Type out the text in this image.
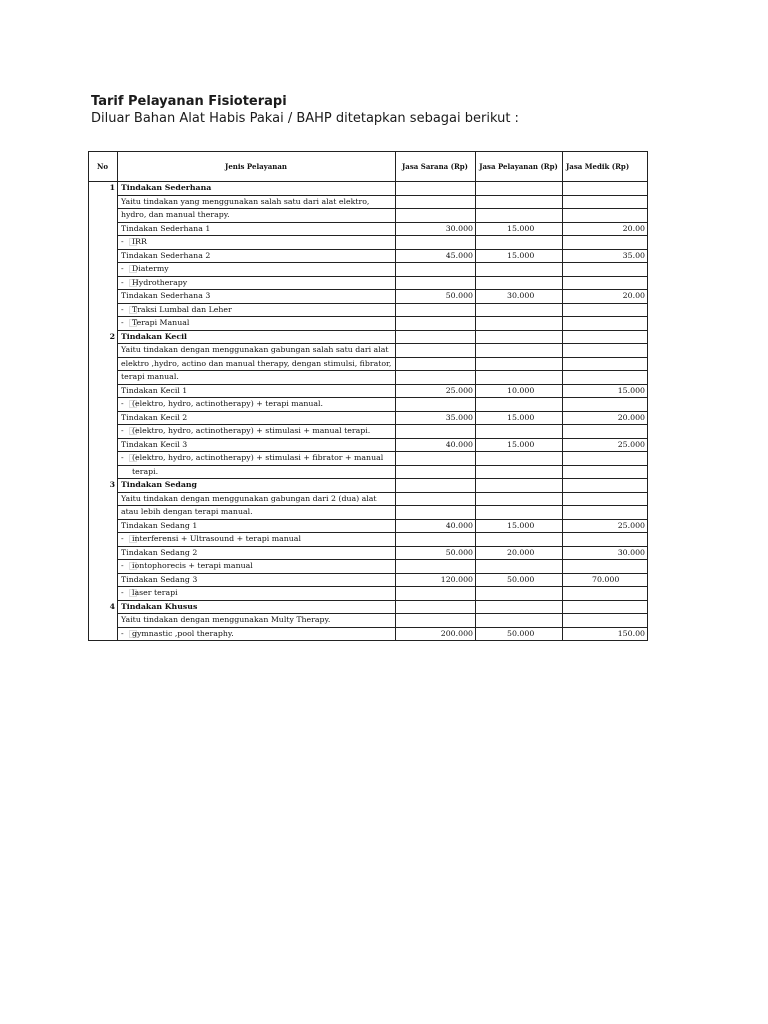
Tarif Pelayanan Fisioterapi
Diluar Bahan Alat Habis Pakai / BAHP ditetapkan sebagai berikut :
No	Jenis Pelayanan	Jasa Sarana (Rp)	Jasa Pelayanan (Rp)	Jasa Medik (Rp)
1 Tindakan Sederhana
Yaitu tindakan yang menggunakan salah satu dari alat elektro,
hydro, dan manual therapy.
Tindakan Sederhana 1	30.000	15.000	20.00
- IRR
Tindakan Sederhana 2	45.000	15.000	35.00
- Diatermy
- Hydrotherapy
Tindakan Sederhana 3	50.000	30.000	20.00
- Traksi Lumbal dan Leher
- Terapi Manual
2 Tindakan Kecil
Yaitu tindakan dengan menggunakan gabungan salah satu dari alat
elektro ,hydro, actino dan manual therapy, dengan stimulsi, fibrator,
terapi manual.
Tindakan Kecil 1	25.000	10.000	15.000
- (elektro, hydro, actinotherapy) + terapi manual.
Tindakan Kecil 2	35.000	15.000	20.000
- (elektro, hydro, actinotherapy) + stimulasi + manual terapi.
Tindakan Kecil 3	40.000	15.000	25.000
- (elektro, hydro, actinotherapy) + stimulasi + fibrator + manual
terapi.
3 Tindakan Sedang
Yaitu tindakan dengan menggunakan gabungan dari 2 (dua) alat
atau lebih dengan terapi manual.
Tindakan Sedang 1	40.000	15.000	25.000
- interferensi + Ultrasound + terapi manual
Tindakan Sedang 2	50.000	20.000	30.000
- iontophorecis + terapi manual
Tindakan Sedang 3	120.000	50.000	70.000
- laser terapi
4 Tindakan Khusus
Yaitu tindakan dengan menggunakan Multy Therapy.
- gymnastic ,pool theraphy.	200.000	50.000	150.00
